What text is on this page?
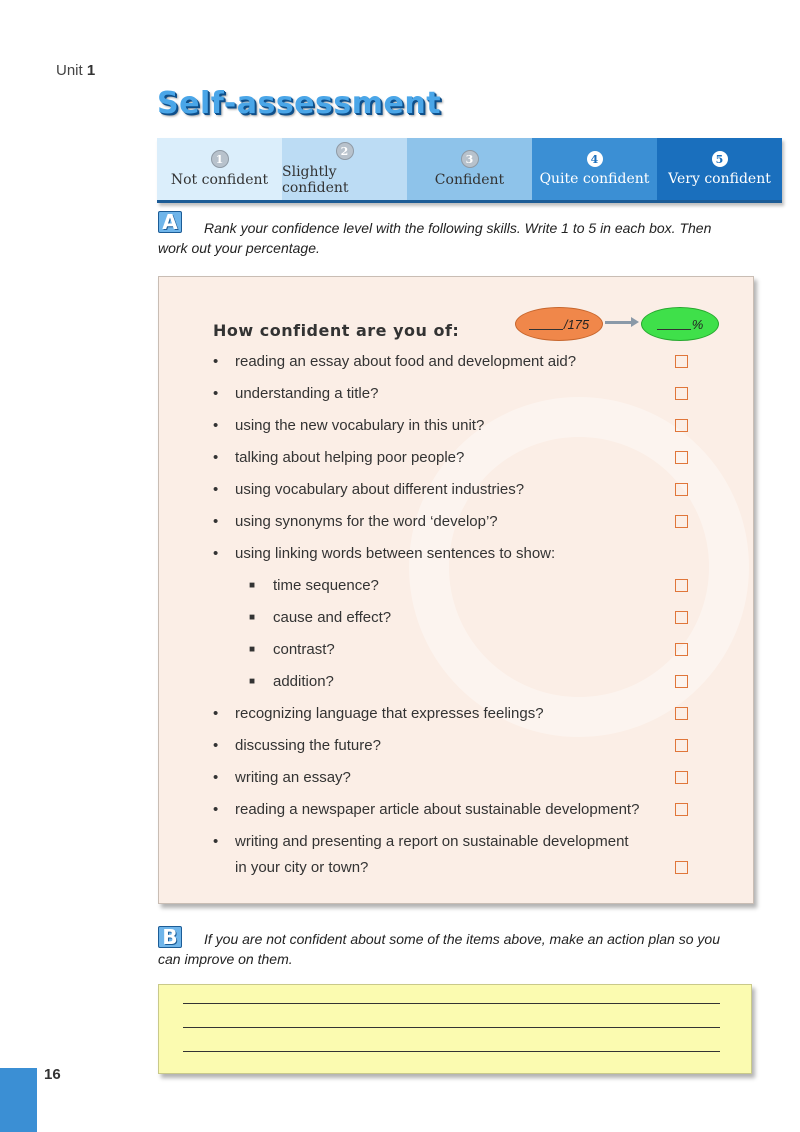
Unit 1
Self-assessment
1
Not confident
2
Slightly confident
3
Confident
4
Quite confident
5
Very confident
A	Rank your confidence level with the following skills. Write 1 to 5 in each box. Then
work out your percentage.
How confident are you of:	/175	%
• reading an essay about food and development aid?
• understanding a title?
• using the new vocabulary in this unit?
• talking about helping poor people?
• using vocabulary about different industries?
• using synonyms for the word ‘develop’?
• using linking words between sentences to show:
■ time sequence?
■ cause and effect?
■ contrast?
■ addition?
• recognizing language that expresses feelings?
• discussing the future?
• writing an essay?
• reading a newspaper article about sustainable development?
• writing and presenting a report on sustainable development
in your city or town?
B	If you are not confident about some of the items above, make an action plan so you
can improve on them.
16
